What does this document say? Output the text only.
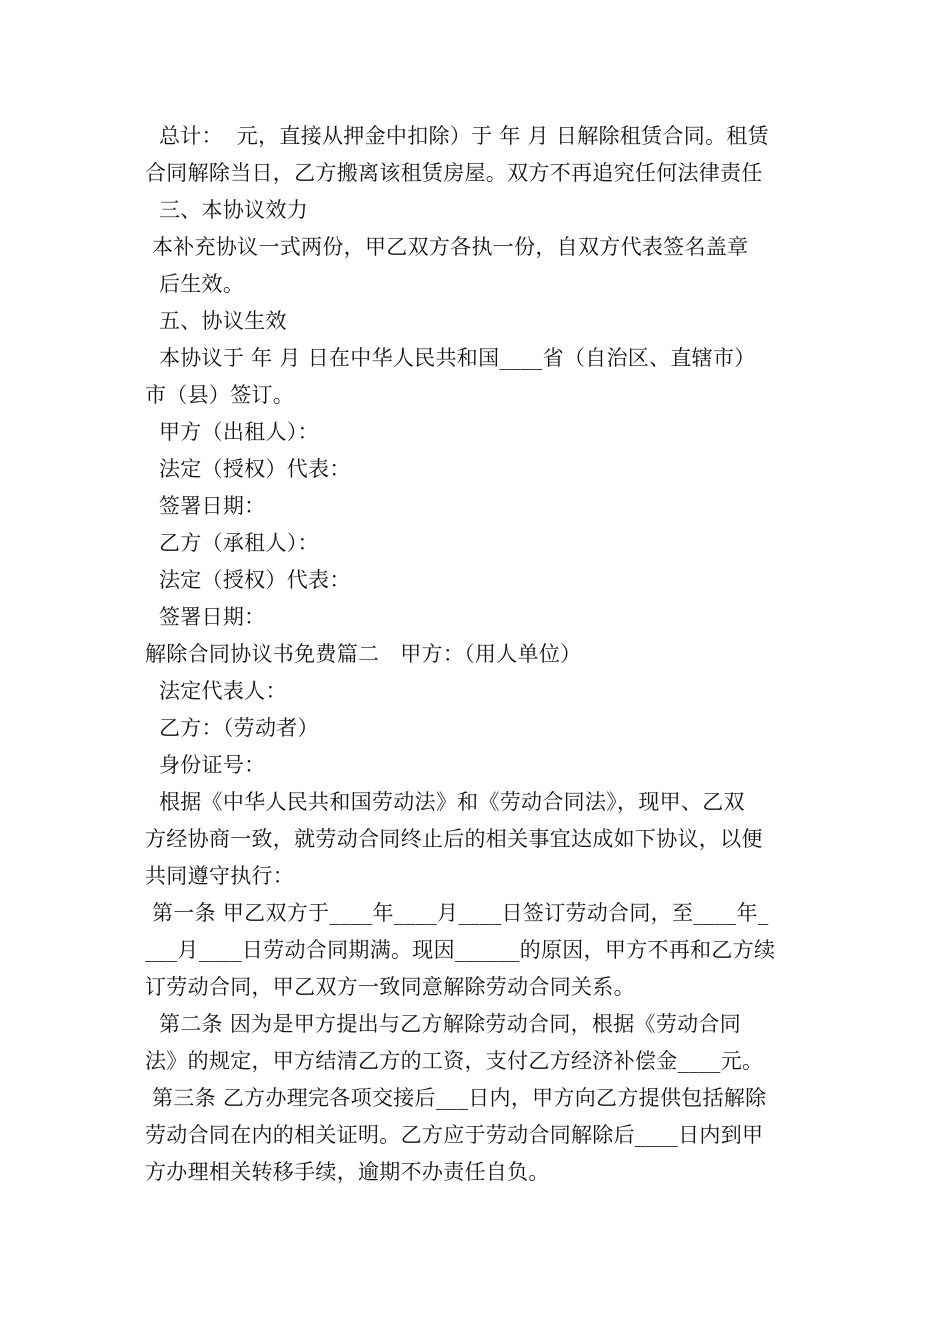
总计：  元，直接从押金中扣除）于 年 月 日解除租赁合同。租赁
合同解除当日，乙方搬离该租赁房屋。双方不再追究任何法律责任
三、本协议效力
本补充协议一式两份，甲乙双方各执一份，自双方代表签名盖章
后生效。
五、协议生效
本协议于 年 月 日在中华人民共和国____省（自治区、直辖市）
市（县）签订。
甲方（出租人）：
法定（授权）代表：
签署日期：
乙方（承租人）：
法定（授权）代表：
签署日期：
解除合同协议书免费篇二   甲方：（用人单位）
法定代表人：
乙方：（劳动者）
身份证号：
根据《中华人民共和国劳动法》和《劳动合同法》，现甲、乙双
方经协商一致，就劳动合同终止后的相关事宜达成如下协议，以便
共同遵守执行：
第一条 甲乙双方于____年____月____日签订劳动合同，至____年_
___月____日劳动合同期满。现因______的原因，甲方不再和乙方续
订劳动合同，甲乙双方一致同意解除劳动合同关系。
第二条 因为是甲方提出与乙方解除劳动合同，根据《劳动合同
法》的规定，甲方结清乙方的工资，支付乙方经济补偿金____元。
第三条 乙方办理完各项交接后___日内，甲方向乙方提供包括解除
劳动合同在内的相关证明。乙方应于劳动合同解除后____日内到甲
方办理相关转移手续，逾期不办责任自负。
